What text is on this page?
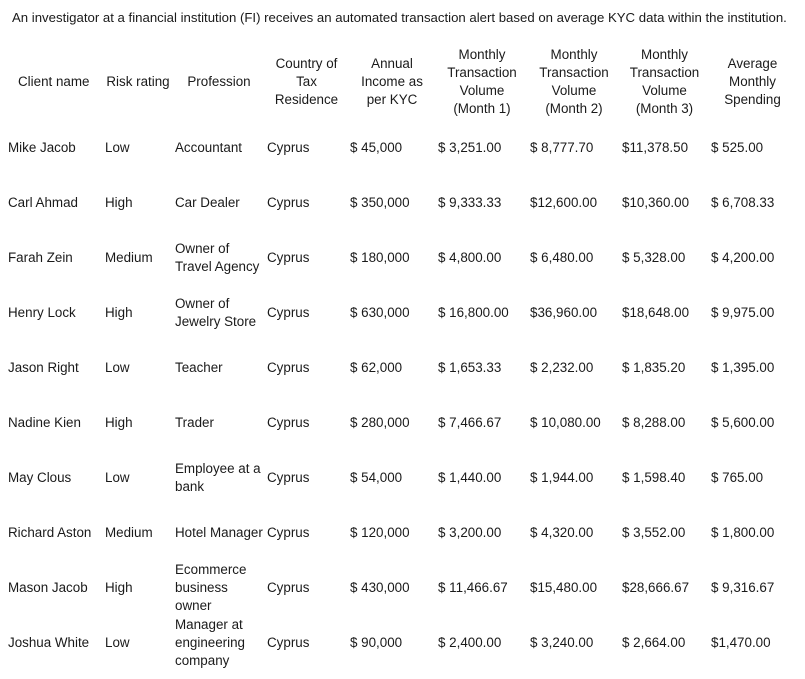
An investigator at a financial institution (FI) receives an automated transaction alert based on average KYC data within the institution.

Client name	Risk rating	Profession	Country of Tax Residence	Annual Income as per KYC	Monthly Transaction Volume (Month 1)	Monthly Transaction Volume (Month 2)	Monthly Transaction Volume (Month 3)	Average Monthly Spending
Mike Jacob	Low	Accountant	Cyprus	$ 45,000	$ 3,251.00	$ 8,777.70	$11,378.50	$ 525.00
Carl Ahmad	High	Car Dealer	Cyprus	$ 350,000	$ 9,333.33	$12,600.00	$10,360.00	$ 6,708.33
Farah Zein	Medium	Owner of Travel Agency	Cyprus	$ 180,000	$ 4,800.00	$ 6,480.00	$ 5,328.00	$ 4,200.00
Henry Lock	High	Owner of Jewelry Store	Cyprus	$ 630,000	$ 16,800.00	$36,960.00	$18,648.00	$ 9,975.00
Jason Right	Low	Teacher	Cyprus	$ 62,000	$ 1,653.33	$ 2,232.00	$ 1,835.20	$ 1,395.00
Nadine Kien	High	Trader	Cyprus	$ 280,000	$ 7,466.67	$ 10,080.00	$ 8,288.00	$ 5,600.00
May Clous	Low	Employee at a bank	Cyprus	$ 54,000	$ 1,440.00	$ 1,944.00	$ 1,598.40	$ 765.00
Richard Aston	Medium	Hotel Manager	Cyprus	$ 120,000	$ 3,200.00	$ 4,320.00	$ 3,552.00	$ 1,800.00
Mason Jacob	High	Ecommerce business owner	Cyprus	$ 430,000	$ 11,466.67	$15,480.00	$28,666.67	$ 9,316.67
Joshua White	Low	Manager at engineering company	Cyprus	$ 90,000	$ 2,400.00	$ 3,240.00	$ 2,664.00	$1,470.00
